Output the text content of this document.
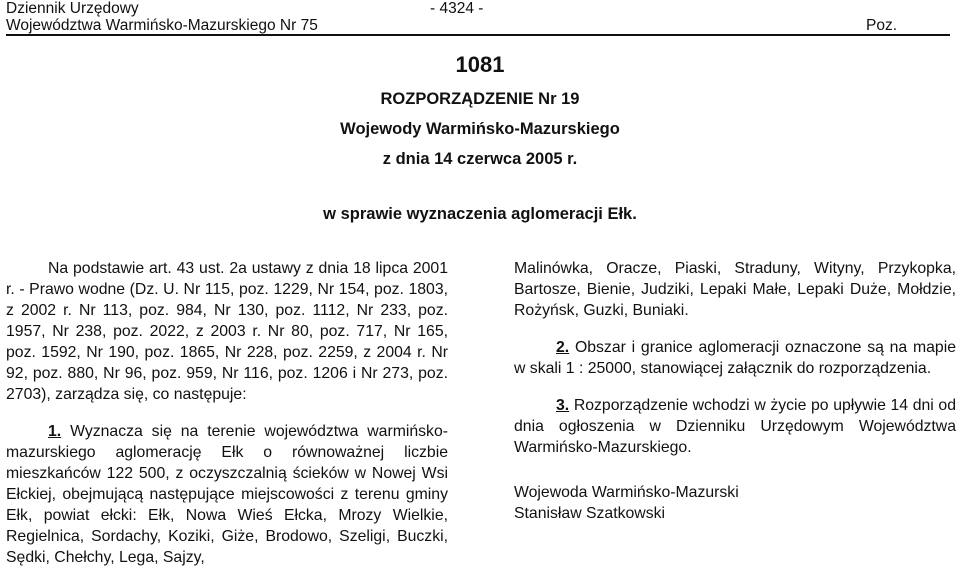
Dziennik Urzędowy
Województwa Warmińsko-Mazurskiego Nr 75
- 4324 -
Poz.
1081
ROZPORZĄDZENIE Nr 19
Wojewody Warmińsko-Mazurskiego
z dnia 14 czerwca 2005 r.
w sprawie wyznaczenia aglomeracji Ełk.

Na podstawie art. 43 ust. 2a ustawy z dnia 18 lipca 2001 r. - Prawo wodne (Dz. U. Nr 115, poz. 1229, Nr 154, poz. 1803, z 2002 r. Nr 113, poz. 984, Nr 130, poz. 1112, Nr 233, poz. 1957, Nr 238, poz. 2022, z 2003 r. Nr 80, poz. 717, Nr 165, poz. 1592, Nr 190, poz. 1865, Nr 228, poz. 2259, z 2004 r. Nr 92, poz. 880, Nr 96, poz. 959, Nr 116, poz. 1206 i Nr 273, poz. 2703), zarządza się, co następuje:

1. Wyznacza się na terenie województwa warmińsko-mazurskiego aglomerację Ełk o równoważnej liczbie mieszkańców 122 500, z oczyszczalnią ścieków w Nowej Wsi Ełckiej, obejmującą następujące miejscowości z terenu gminy Ełk, powiat ełcki: Ełk, Nowa Wieś Ełcka, Mrozy Wielkie, Regielnica, Sordachy, Koziki, Giże, Brodowo, Szeligi, Buczki, Sędki, Chełchy, Lega, Sajzy,

Malinówka, Oracze, Piaski, Straduny, Wityny, Przykopka, Bartosze, Bienie, Judziki, Lepaki Małe, Lepaki Duże, Mołdzie, Rożyńsk, Guzki, Buniaki.

2. Obszar i granice aglomeracji oznaczone są na mapie w skali 1 : 25000, stanowiącej załącznik do rozporządzenia.

3. Rozporządzenie wchodzi w życie po upływie 14 dni od dnia ogłoszenia w Dzienniku Urzędowym Województwa Warmińsko-Mazurskiego.

Wojewoda Warmińsko-Mazurski

Stanisław Szatkowski
